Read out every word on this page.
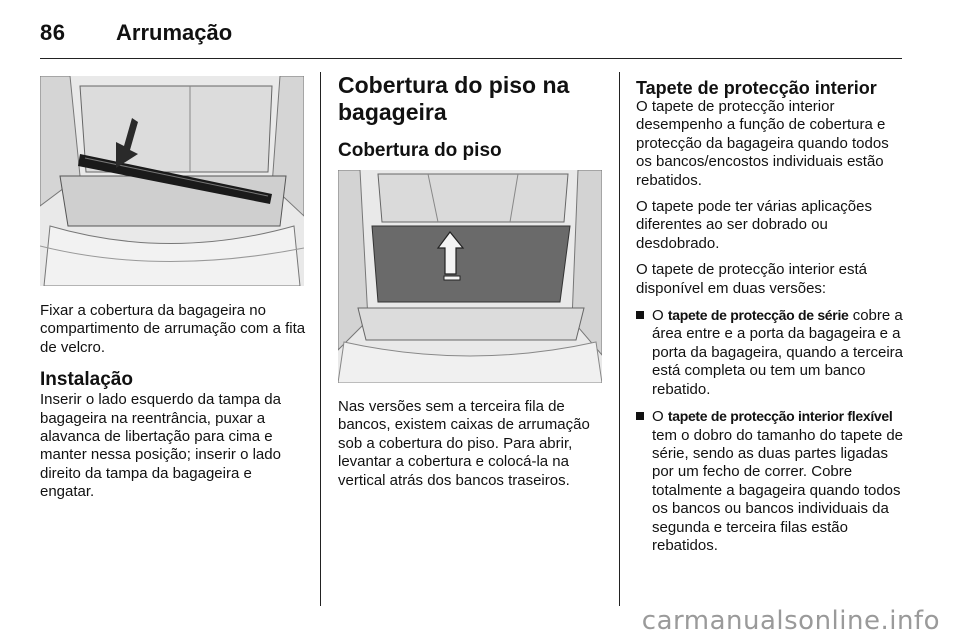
86 Arrumação

Fixar a cobertura da bagageira no compartimento de arrumação com a fita de velcro.

Instalação

Inserir o lado esquerdo da tampa da bagageira na reentrância, puxar a alavanca de libertação para cima e manter nessa posição; inserir o lado direito da tampa da bagageira e engatar.

Cobertura do piso na bagageira
Cobertura do piso

Nas versões sem a terceira fila de bancos, existem caixas de arrumação sob a cobertura do piso. Para abrir, levantar a cobertura e colocá-la na vertical atrás dos bancos traseiros.

Tapete de protecção interior

O tapete de protecção interior desempenho a função de cobertura e protecção da bagageira quando todos os bancos/encostos individuais estão rebatidos.

O tapete pode ter várias aplicações diferentes ao ser dobrado ou desdobrado.

O tapete de protecção interior está disponível em duas versões:

O tapete de protecção de série cobre a área entre e a porta da bagageira e a porta da bagageira, quando a terceira está completa ou tem um banco rebatido.
O tapete de protecção interior flexível tem o dobro do tamanho do tapete de série, sendo as duas partes ligadas por um fecho de correr. Cobre totalmente a bagageira quando todos os bancos ou bancos individuais da segunda e terceira filas estão rebatidos.
carmanualsonline.info
